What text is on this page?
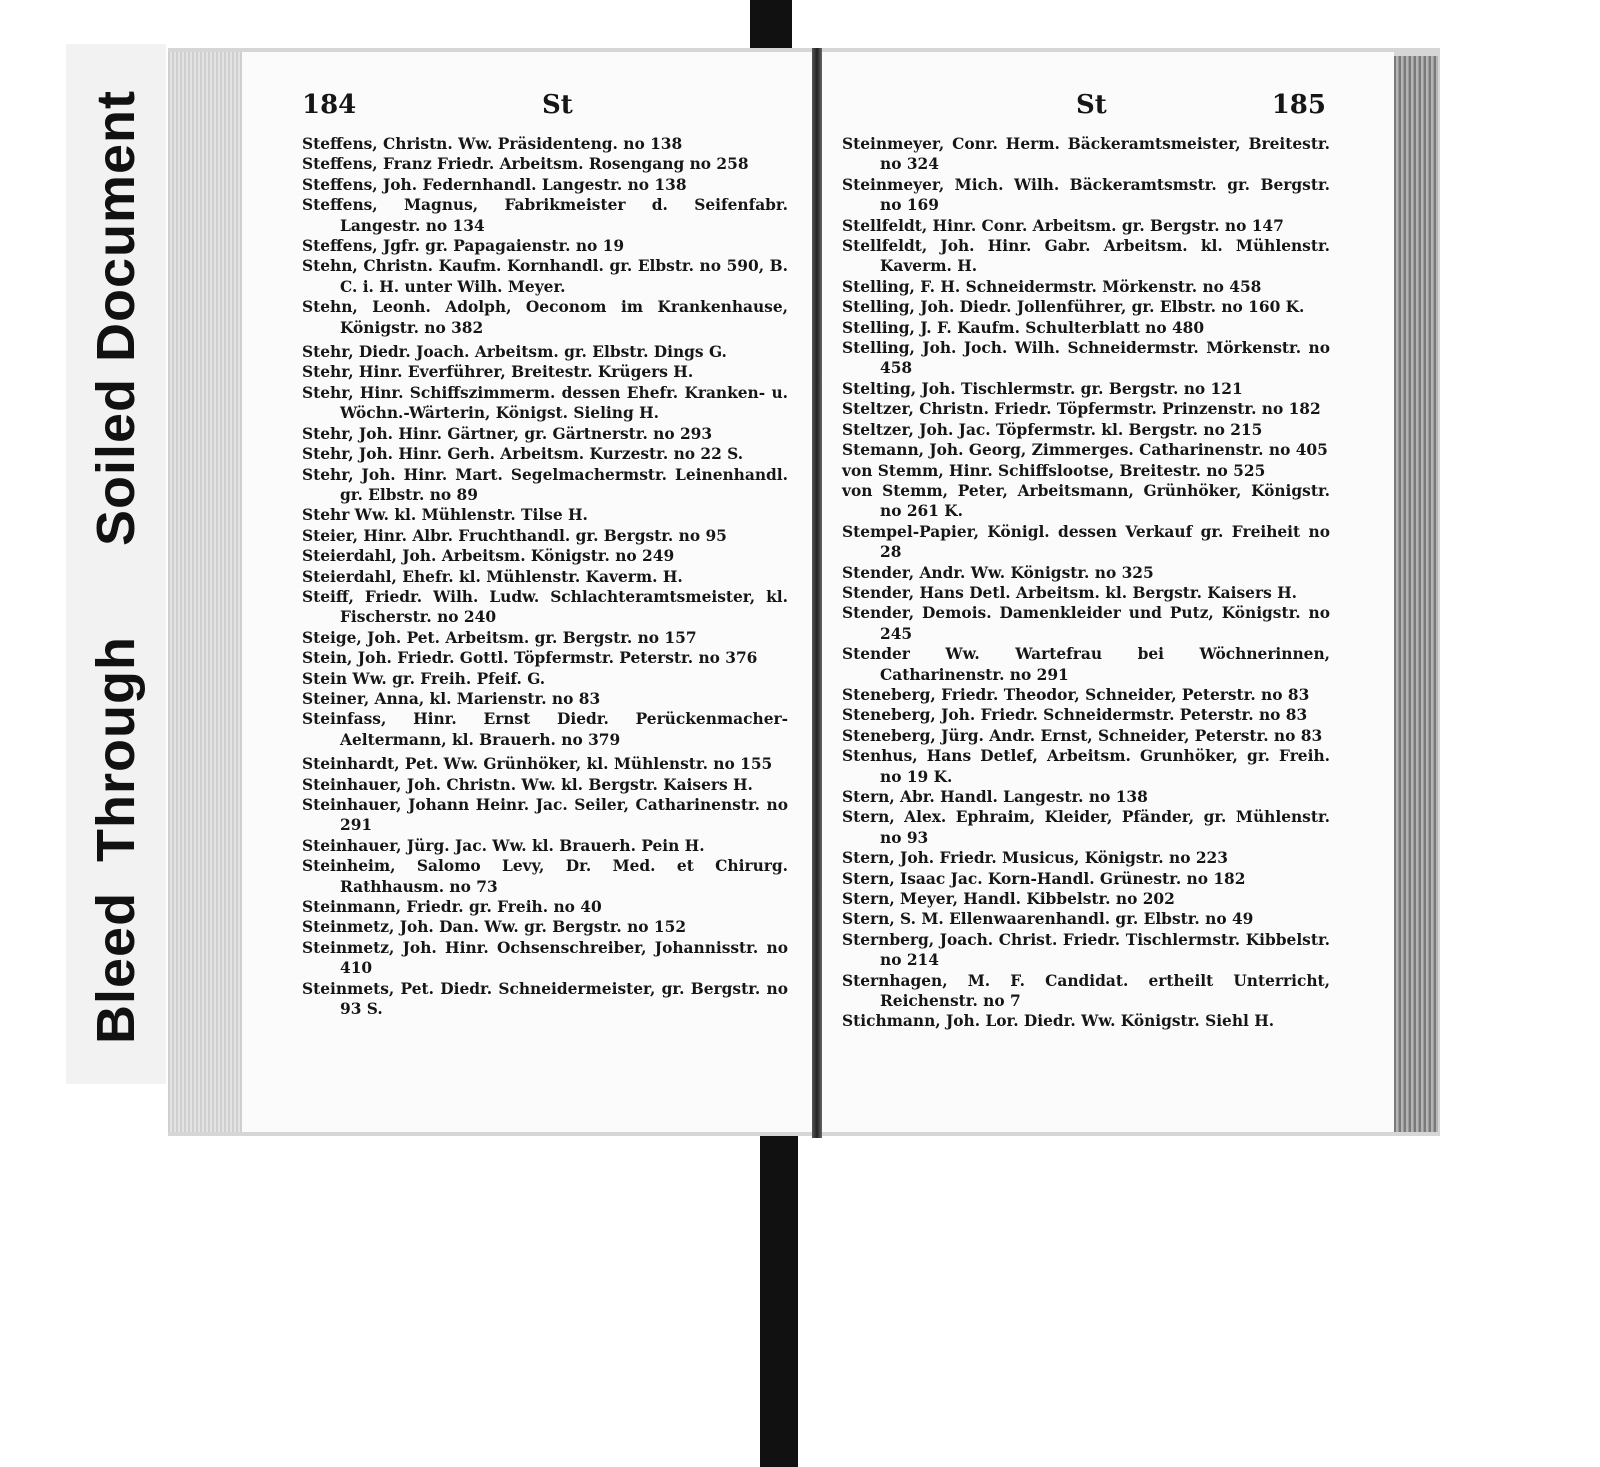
Soiled Document
BleedThrough
184	St

Steffens, Christn. Ww. Präsidenteng. no 138

Steffens, Franz Friedr. Arbeitsm. Rosengang no 258

Steffens, Joh. Federnhandl. Langestr. no 138

Steffens, Magnus, Fabrikmeister d. Seifenfabr. Langestr. no 134

Steffens, Jgfr. gr. Papagaienstr. no 19

Stehn, Christn. Kaufm. Kornhandl. gr. Elbstr. no 590, B. C. i. H. unter Wilh. Meyer.

Stehn, Leonh. Adolph, Oeconom im Krankenhause, Königstr. no 382

Stehr, Diedr. Joach. Arbeitsm. gr. Elbstr. Dings G.

Stehr, Hinr. Everführer, Breitestr. Krügers H.

Stehr, Hinr. Schiffszimmerm. dessen Ehefr. Kranken- u. Wöchn.-Wärterin, Königst. Sieling H.

Stehr, Joh. Hinr. Gärtner, gr. Gärtnerstr. no 293

Stehr, Joh. Hinr. Gerh. Arbeitsm. Kurzestr. no 22 S.

Stehr, Joh. Hinr. Mart. Segelmachermstr. Leinenhandl. gr. Elbstr. no 89

Stehr Ww. kl. Mühlenstr. Tilse H.

Steier, Hinr. Albr. Fruchthandl. gr. Bergstr. no 95

Steierdahl, Joh. Arbeitsm. Königstr. no 249

Steierdahl, Ehefr. kl. Mühlenstr. Kaverm. H.

Steiff, Friedr. Wilh. Ludw. Schlachteramtsmeister, kl. Fischerstr. no 240

Steige, Joh. Pet. Arbeitsm. gr. Bergstr. no 157

Stein, Joh. Friedr. Gottl. Töpfermstr. Peterstr. no 376

Stein Ww. gr. Freih. Pfeif. G.

Steiner, Anna, kl. Marienstr. no 83

Steinfass, Hinr. Ernst Diedr. Perückenmacher-Aeltermann, kl. Brauerh. no 379

Steinhardt, Pet. Ww. Grünhöker, kl. Mühlenstr. no 155

Steinhauer, Joh. Christn. Ww. kl. Bergstr. Kaisers H.

Steinhauer, Johann Heinr. Jac. Seiler, Catharinenstr. no 291

Steinhauer, Jürg. Jac. Ww. kl. Brauerh. Pein H.

Steinheim, Salomo Levy, Dr. Med. et Chirurg. Rathhausm. no 73

Steinmann, Friedr. gr. Freih. no 40

Steinmetz, Joh. Dan. Ww. gr. Bergstr. no 152

Steinmetz, Joh. Hinr. Ochsenschreiber, Johannisstr. no 410

Steinmets, Pet. Diedr. Schneidermeister, gr. Bergstr. no 93 S.

St	185

Steinmeyer, Conr. Herm. Bäckeramtsmeister, Breitestr. no 324

Steinmeyer, Mich. Wilh. Bäckeramtsmstr. gr. Bergstr. no 169

Stellfeldt, Hinr. Conr. Arbeitsm. gr. Bergstr. no 147

Stellfeldt, Joh. Hinr. Gabr. Arbeitsm. kl. Mühlenstr. Kaverm. H.

Stelling, F. H. Schneidermstr. Mörkenstr. no 458

Stelling, Joh. Diedr. Jollenführer, gr. Elbstr. no 160 K.

Stelling, J. F. Kaufm. Schulterblatt no 480

Stelling, Joh. Joch. Wilh. Schneidermstr. Mörkenstr. no 458

Stelting, Joh. Tischlermstr. gr. Bergstr. no 121

Steltzer, Christn. Friedr. Töpfermstr. Prinzenstr. no 182

Steltzer, Joh. Jac. Töpfermstr. kl. Bergstr. no 215

Stemann, Joh. Georg, Zimmerges. Catharinenstr. no 405

von Stemm, Hinr. Schiffslootse, Breitestr. no 525

von Stemm, Peter, Arbeitsmann, Grünhöker, Königstr. no 261 K.

Stempel-Papier, Königl. dessen Verkauf gr. Freiheit no 28

Stender, Andr. Ww. Königstr. no 325

Stender, Hans Detl. Arbeitsm. kl. Bergstr. Kaisers H.

Stender, Demois. Damenkleider und Putz, Königstr. no 245

Stender Ww. Wartefrau bei Wöchnerinnen, Catharinenstr. no 291

Steneberg, Friedr. Theodor, Schneider, Peterstr. no 83

Steneberg, Joh. Friedr. Schneidermstr. Peterstr. no 83

Steneberg, Jürg. Andr. Ernst, Schneider, Peterstr. no 83

Stenhus, Hans Detlef, Arbeitsm. Grunhöker, gr. Freih. no 19 K.

Stern, Abr. Handl. Langestr. no 138

Stern, Alex. Ephraim, Kleider, Pfänder, gr. Mühlenstr. no 93

Stern, Joh. Friedr. Musicus, Königstr. no 223

Stern, Isaac Jac. Korn-Handl. Grünestr. no 182

Stern, Meyer, Handl. Kibbelstr. no 202

Stern, S. M. Ellenwaarenhandl. gr. Elbstr. no 49

Sternberg, Joach. Christ. Friedr. Tischlermstr. Kibbelstr. no 214

Sternhagen, M. F. Candidat. ertheilt Unterricht, Reichenstr. no 7

Stichmann, Joh. Lor. Diedr. Ww. Königstr. Siehl H.
